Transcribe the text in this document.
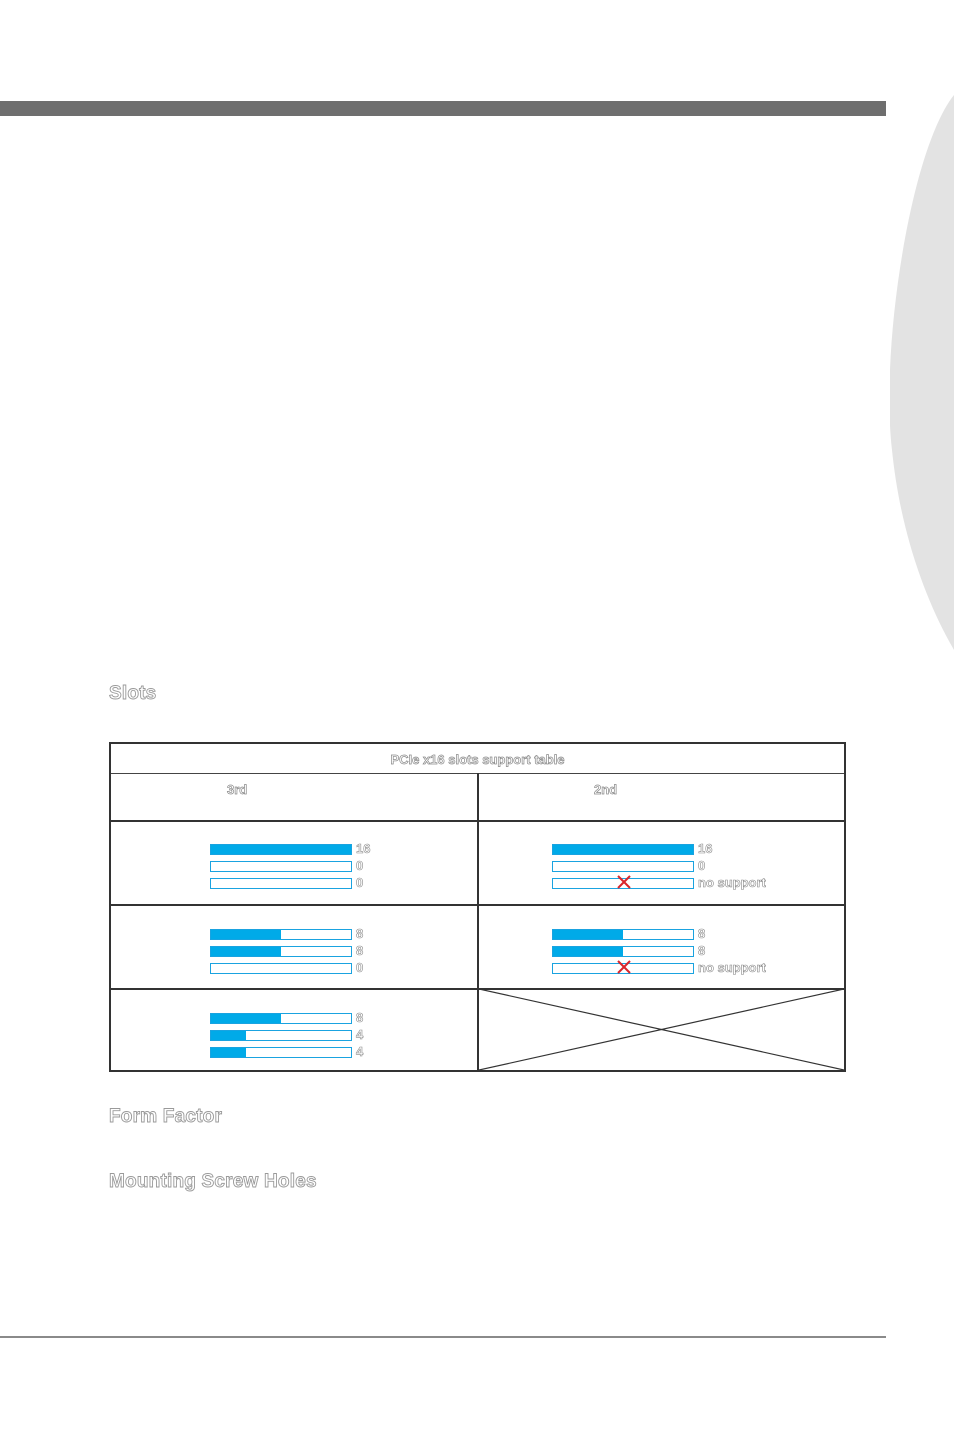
Slots
PCIe x16 slots support table
3rd	2nd
16
0
0
16
0
no support
8
8
0
8
8
no support
8
4
4
Form Factor
Mounting Screw Holes
